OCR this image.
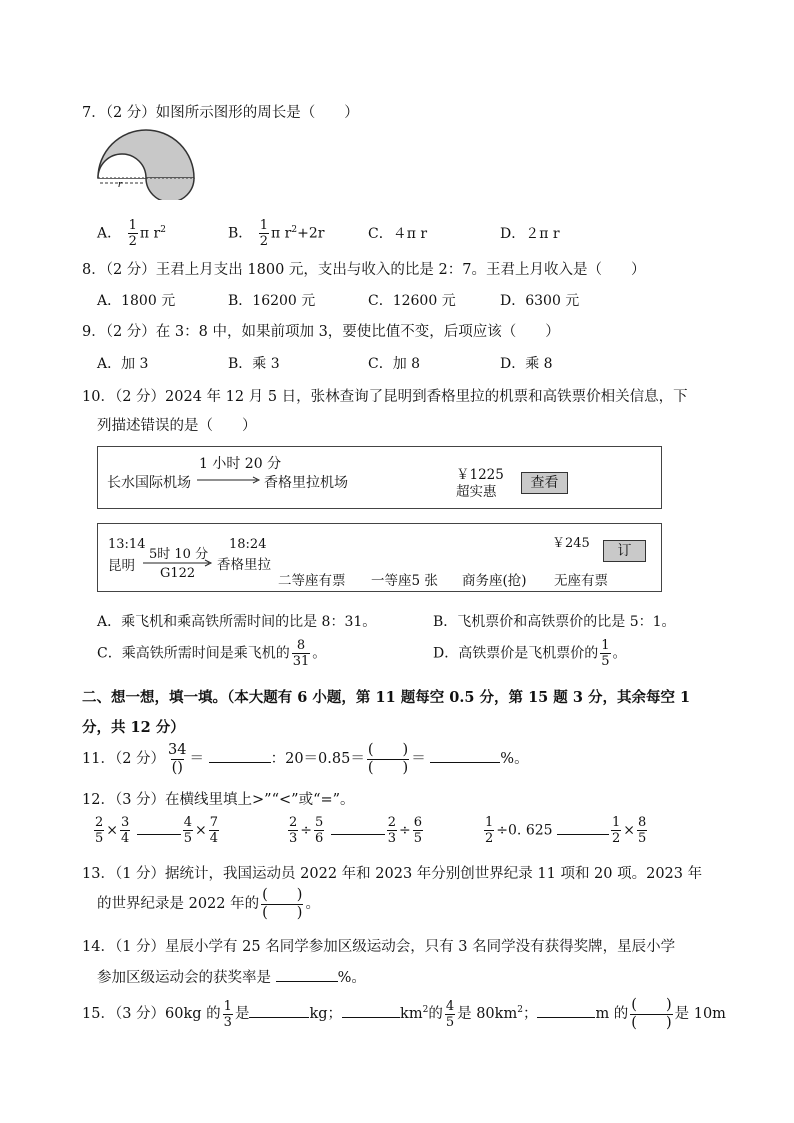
7．（2 分）如图所示图形的周长是（　　）
r
A． $\frac{1}{2}$ π $r^2$	B． $\frac{1}{2}$ π $r^2+2r$	C．４π r	D．２π r
8．（2 分）王君上月支出 1800 元，支出与收入的比是 2：7。王君上月收入是（　　）
A．1800 元	B．16200 元	C．12600 元	D．6300 元
9．（2 分）在 3：8 中，如果前项加 3，要使比值不变，后项应该（　　）
A．加 3	B．乘 3	C．加 8	D．乘 8
10．（2 分）2024 年 12 月 5 日，张林查询了昆明到香格里拉的机票和高铁票价相关信息，下
列描述错误的是（　　）
1 小时 20 分
长水国际机场	香格里拉机场	￥1225
超实惠
查看
13:14
昆明
5时 10 分
G122
18:24
香格里拉
￥245	订
二等座有票 一等座5 张 商务座(抢) 无座有票
A．乘飞机和乘高铁所需时间的比是 8：31。	B．飞机票价和高铁票价的比是 5：1。
C．乘高铁所需时间是乘飞机的 $\frac{8}{31}$ 。	D．高铁票价是飞机票价的 $\frac{1}{5}$ 。
二、想一想，填一填。（本大题有 6 小题，第 11 题每空 0.5 分，第 15 题 3 分，其余每空 1
分，共 12 分）
11．（2 分） $\frac{34}{()}$ ＝	：$20=0.85= \frac{( )}{( )}$ ＝	%。
12．（3 分）在横线里填上>”“<”或“=”。
$\frac{2}{5} \times \frac{3}{4}$
	$\frac{4}{5} \times \frac{7}{4}$	$\frac{2}{3} \div \frac{5}{6}$
	$\frac{2}{3} \div \frac{6}{5}$	$\frac{1}{2} \div 0$. 625	$\frac{1}{2} \times \frac{8}{5}$
13．（1 分）据统计，我国运动员 2022 年和 2023 年分别创世界纪录 11 项和 20 项。2023 年
的世界纪录是 2022 年的 $\frac{( )}{( )}$ 。
14．（1 分）星辰小学有 25 名同学参加区级运动会，只有 3 名同学没有获得奖牌，星辰小学
参加区级运动会的获奖率是	%。
15．（3 分）60kg 的 $\frac{1}{3}$ 是	kg；	$km^2$的 $\frac{4}{5}$ 是 $80km^2$；	m 的 $\frac{( )}{( )}$ 是 10m
